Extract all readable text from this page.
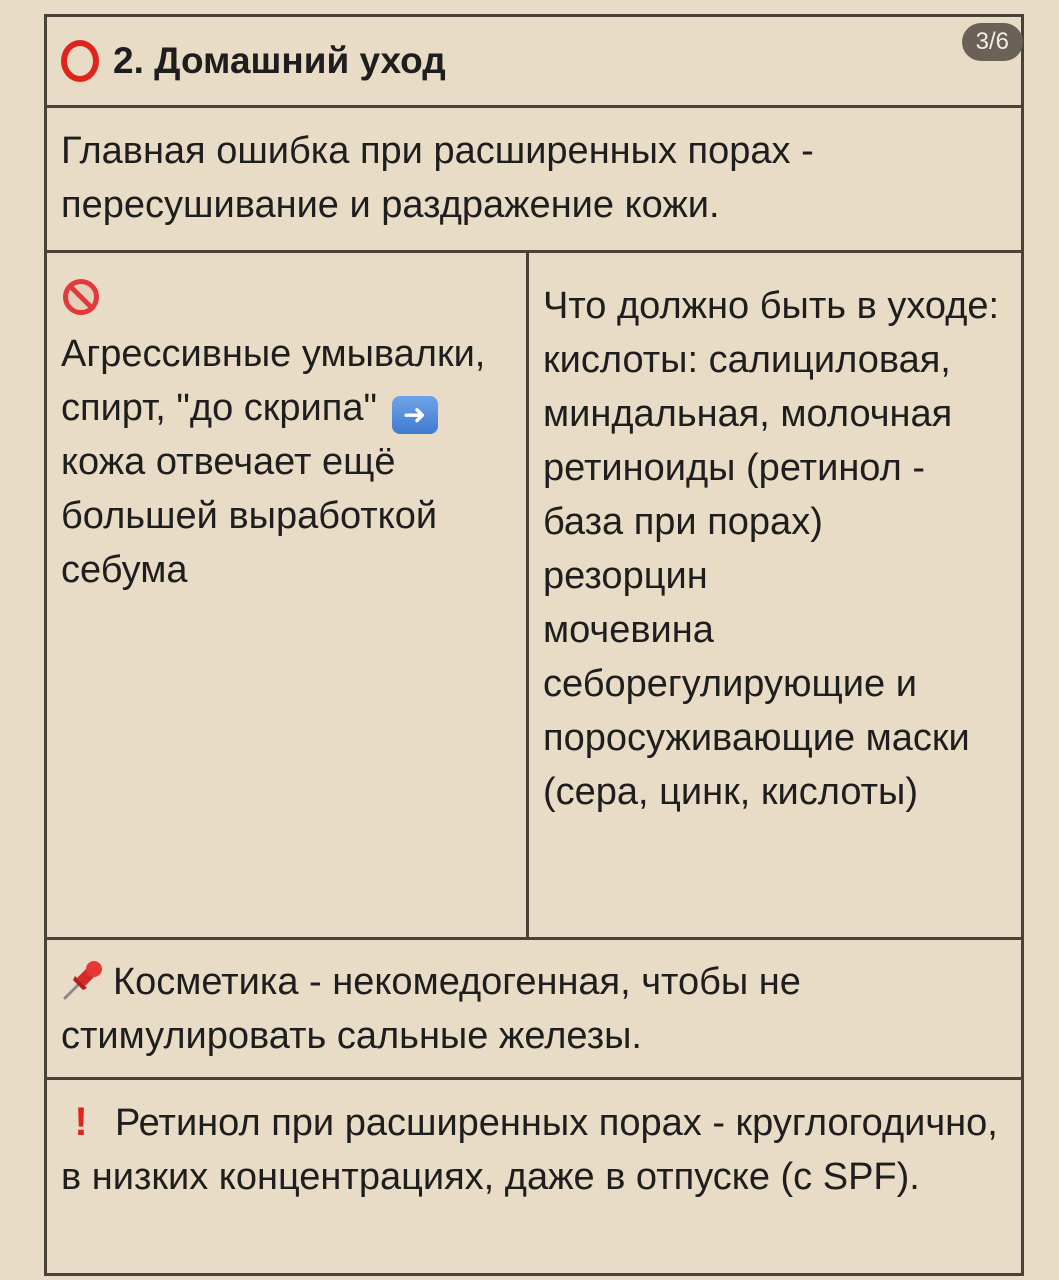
2. Домашний уход	3/6
Главная ошибка при расширенных порах - пересушивание и раздражение кожи.
Агрессивные умывалки, спирт, "до скрипа" ➜ кожа отвечает ещё большей выработкой себума
Что должно быть в уходе:
кислоты: салициловая, миндальная, молочная
ретиноиды (ретинол - база при порах)
резорцин
мочевина
себорегулирующие и поросуживающие маски (сера, цинк, кислоты)
Косметика - некомедогенная, чтобы не стимулировать сальные железы.
! Ретинол при расширенных порах - круглогодично, в низких концентрациях, даже в отпуске (с SPF).
